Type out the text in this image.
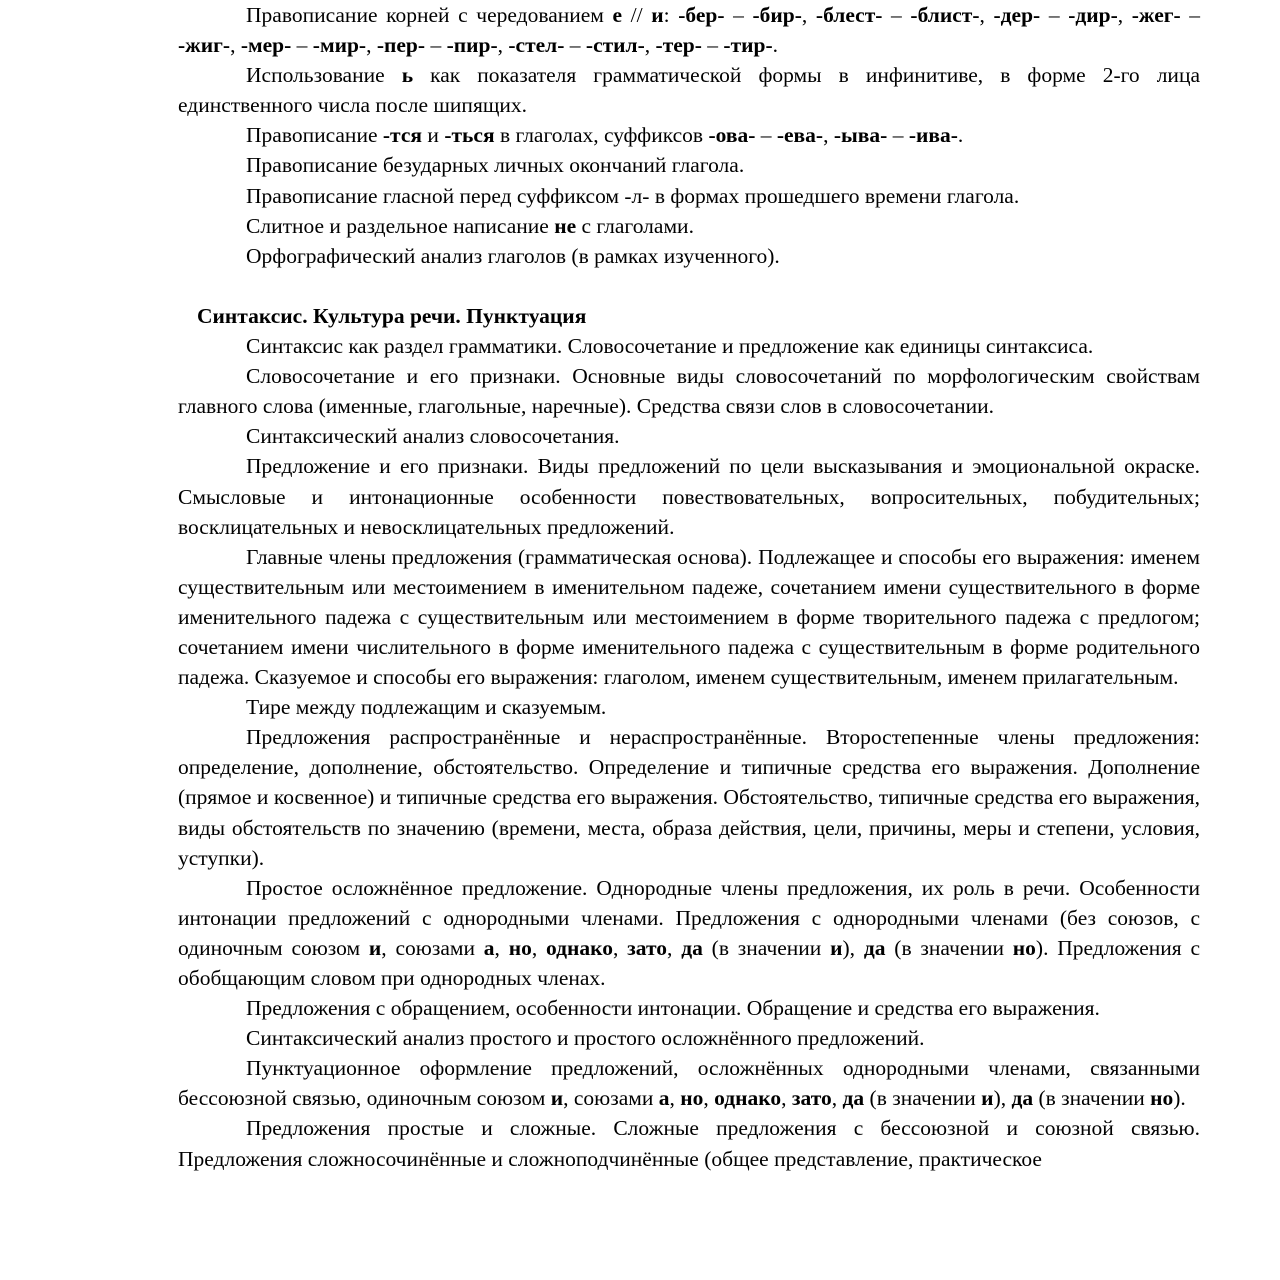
Правописание корней с чередованием е // и: -бер- – -бир-, -блест- – -блист-, -дер- – -дир-, -жег- – -жиг-, -мер- – -мир-, -пер- – -пир-, -стел- – -стил-, -тер- – -тир-.

Использование ь как показателя грамматической формы в инфинитиве, в форме 2-го лица единственного числа после шипящих.

Правописание -тся и -ться в глаголах, суффиксов -ова- – -ева-, -ыва- – -ива-.

Правописание безударных личных окончаний глагола.

Правописание гласной перед суффиксом -л- в формах прошедшего времени глагола.

Слитное и раздельное написание не с глаголами.

Орфографический анализ глаголов (в рамках изученного).

Синтаксис. Культура речи. Пунктуация

Синтаксис как раздел грамматики. Словосочетание и предложение как единицы синтаксиса.

Словосочетание и его признаки. Основные виды словосочетаний по морфологическим свойствам главного слова (именные, глагольные, наречные). Средства связи слов в словосочетании.

Синтаксический анализ словосочетания.

Предложение и его признаки. Виды предложений по цели высказывания и эмоциональной окраске. Смысловые и интонационные особенности повествовательных, вопросительных, побудительных; восклицательных и невосклицательных предложений.

Главные члены предложения (грамматическая основа). Подлежащее и способы его выражения: именем существительным или местоимением в именительном падеже, сочетанием имени существительного в форме именительного падежа с существительным или местоимением в форме творительного падежа с предлогом; сочетанием имени числительного в форме именительного падежа с существительным в форме родительного падежа. Сказуемое и способы его выражения: глаголом, именем существительным, именем прилагательным.

Тире между подлежащим и сказуемым.

Предложения распространённые и нераспространённые. Второстепенные члены предложения: определение, дополнение, обстоятельство. Определение и типичные средства его выражения. Дополнение (прямое и косвенное) и типичные средства его выражения. Обстоятельство, типичные средства его выражения, виды обстоятельств по значению (времени, места, образа действия, цели, причины, меры и степени, условия, уступки).

Простое осложнённое предложение. Однородные члены предложения, их роль в речи. Особенности интонации предложений с однородными членами. Предложения с однородными членами (без союзов, с одиночным союзом и, союзами а, но, однако, зато, да (в значении и), да (в значении но). Предложения с обобщающим словом при однородных членах.

Предложения с обращением, особенности интонации. Обращение и средства его выражения.

Синтаксический анализ простого и простого осложнённого предложений.

Пунктуационное оформление предложений, осложнённых однородными членами, связанными бессоюзной связью, одиночным союзом и, союзами а, но, однако, зато, да (в значении и), да (в значении но).

Предложения простые и сложные. Сложные предложения с бессоюзной и союзной связью. Предложения сложносочинённые и сложноподчинённые (общее представление, практическое
